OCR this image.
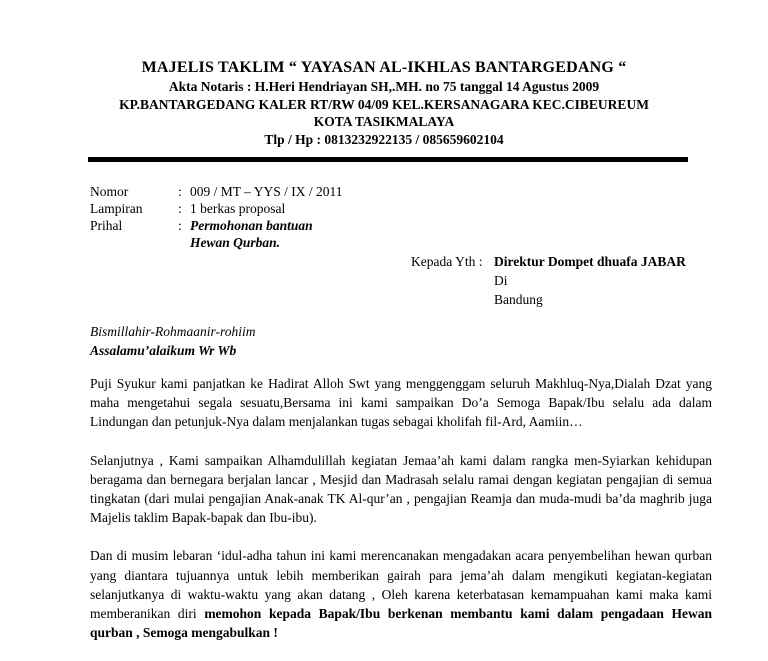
MAJELIS TAKLIM “ YAYASAN AL-IKHLAS BANTARGEDANG “
Akta Notaris : H.Heri Hendriayan SH,.MH. no 75 tanggal 14 Agustus 2009
KP.BANTARGEDANG KALER RT/RW 04/09 KEL.KERSANAGARA KEC.CIBEUREUM
KOTA TASIKMALAYA
Tlp / Hp : 0813232922135 / 085659602104
Nomor	: 009 / MT – YYS / IX / 2011
Lampiran	: 1 berkas proposal
Prihal	: Permohonan bantuan
Hewan Qurban.
Kepada Yth : Direktur Dompet dhuafa JABAR
Di
Bandung
Bismillahir-Rohmaanir-rohiim
Assalamu’alaikum Wr Wb

Puji Syukur kami panjatkan ke Hadirat Alloh Swt yang menggenggam seluruh Makhluq-Nya,Dialah Dzat yang maha mengetahui segala sesuatu,Bersama ini kami sampaikan Do’a Semoga Bapak/Ibu selalu ada dalam Lindungan dan petunjuk-Nya dalam menjalankan tugas sebagai kholifah fil-Ard, Aamiin…

Selanjutnya , Kami sampaikan Alhamdulillah kegiatan Jemaa’ah kami dalam rangka men-Syiarkan kehidupan beragama dan bernegara berjalan lancar , Mesjid dan Madrasah selalu ramai dengan kegiatan pengajian di semua tingkatan (dari mulai pengajian Anak-anak TK Al-qur’an , pengajian Reamja dan muda-mudi ba’da maghrib juga Majelis taklim Bapak-bapak dan Ibu-ibu).

Dan di musim lebaran ‘idul-adha tahun ini kami merencanakan mengadakan acara penyembelihan hewan qurban yang diantara tujuannya untuk lebih memberikan gairah para jema’ah dalam mengikuti kegiatan-kegiatan selanjutkanya di waktu-waktu yang akan datang , Oleh karena keterbatasan kemampuahan kami maka kami memberanikan diri memohon kepada Bapak/Ibu berkenan membantu kami dalam pengadaan Hewan qurban , Semoga mengabulkan !
